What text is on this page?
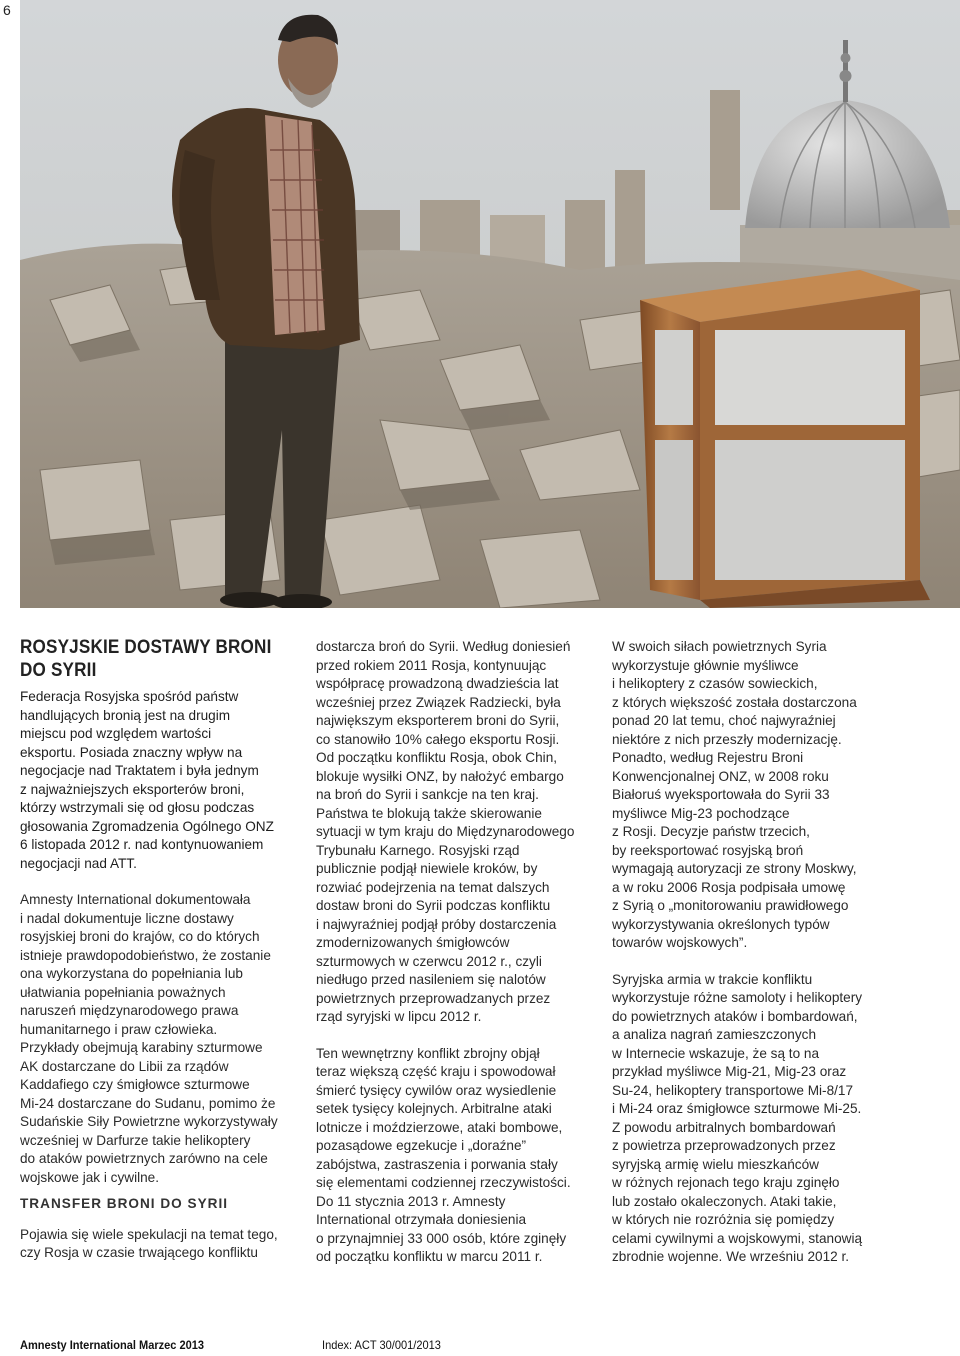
6
ROSYJSKIE DOSTAWY BRONI
DO SYRII

Federacja Rosyjska spośród państw
handlujących bronią jest na drugim
miejscu pod względem wartości
eksportu. Posiada znaczny wpływ na
negocjacje nad Traktatem i była jednym
z najważniejszych eksporterów broni,
którzy wstrzymali się od głosu podczas
głosowania Zgromadzenia Ogólnego ONZ
6 listopada 2012 r. nad kontynuowaniem
negocjacji nad ATT.

Amnesty International dokumentowała
i nadal dokumentuje liczne dostawy
rosyjskiej broni do krajów, co do których
istnieje prawdopodobieństwo, że zostanie
ona wykorzystana do popełniania lub
ułatwiania popełniania poważnych
naruszeń międzynarodowego prawa
humanitarnego i praw człowieka.
Przykłady obejmują karabiny szturmowe
AK dostarczane do Libii za rządów
Kaddafiego czy śmigłowce szturmowe
Mi-24 dostarczane do Sudanu, pomimo że
Sudańskie Siły Powietrzne wykorzystywały
wcześniej w Darfurze takie helikoptery
do ataków powietrznych zarówno na cele
wojskowe jak i cywilne.

TRANSFER BRONI DO SYRII

Pojawia się wiele spekulacji na temat tego,
czy Rosja w czasie trwającego konfliktu

dostarcza broń do Syrii. Według doniesień
przed rokiem 2011 Rosja, kontynuując
współpracę prowadzoną dwadzieścia lat
wcześniej przez Związek Radziecki, była
największym eksporterem broni do Syrii,
co stanowiło 10% całego eksportu Rosji.
Od początku konfliktu Rosja, obok Chin,
blokuje wysiłki ONZ, by nałożyć embargo
na broń do Syrii i sankcje na ten kraj.
Państwa te blokują także skierowanie
sytuacji w tym kraju do Międzynarodowego
Trybunału Karnego. Rosyjski rząd
publicznie podjął niewiele kroków, by
rozwiać podejrzenia na temat dalszych
dostaw broni do Syrii podczas konfliktu
i najwyraźniej podjął próby dostarczenia
zmodernizowanych śmigłowców
szturmowych w czerwcu 2012 r., czyli
niedługo przed nasileniem się nalotów
powietrznych przeprowadzanych przez
rząd syryjski w lipcu 2012 r.

Ten wewnętrzny konflikt zbrojny objął
teraz większą część kraju i spowodował
śmierć tysięcy cywilów oraz wysiedlenie
setek tysięcy kolejnych. Arbitralne ataki
lotnicze i moździerzowe, ataki bombowe,
pozasądowe egzekucje i „doraźne”
zabójstwa, zastraszenia i porwania stały
się elementami codziennej rzeczywistości.
Do 11 stycznia 2013 r. Amnesty
International otrzymała doniesienia
o przynajmniej 33 000 osób, które zginęły
od początku konfliktu w marcu 2011 r.

W swoich siłach powietrznych Syria
wykorzystuje głównie myśliwce
i helikoptery z czasów sowieckich,
z których większość została dostarczona
ponad 20 lat temu, choć najwyraźniej
niektóre z nich przeszły modernizację.
Ponadto, według Rejestru Broni
Konwencjonalnej ONZ, w 2008 roku
Białoruś wyeksportowała do Syrii 33
myśliwce Mig-23 pochodzące
z Rosji. Decyzje państw trzecich,
by reeksportować rosyjską broń
wymagają autoryzacji ze strony Moskwy,
a w roku 2006 Rosja podpisała umowę
z Syrią o „monitorowaniu prawidłowego
wykorzystywania określonych typów
towarów wojskowych”.

Syryjska armia w trakcie konfliktu
wykorzystuje różne samoloty i helikoptery
do powietrznych ataków i bombardowań,
a analiza nagrań zamieszczonych
w Internecie wskazuje, że są to na
przykład myśliwce Mig-21, Mig-23 oraz
Su-24, helikoptery transportowe Mi-8/17
i Mi-24 oraz śmigłowce szturmowe Mi-25.
Z powodu arbitralnych bombardowań
z powietrza przeprowadzonych przez
syryjską armię wielu mieszkańców
w różnych rejonach tego kraju zginęło
lub zostało okaleczonych. Ataki takie,
w których nie rozróżnia się pomiędzy
celami cywilnymi a wojskowymi, stanowią
zbrodnie wojenne. We wrześniu 2012 r.

Amnesty International Marzec 2013	Index: ACT 30/001/2013
